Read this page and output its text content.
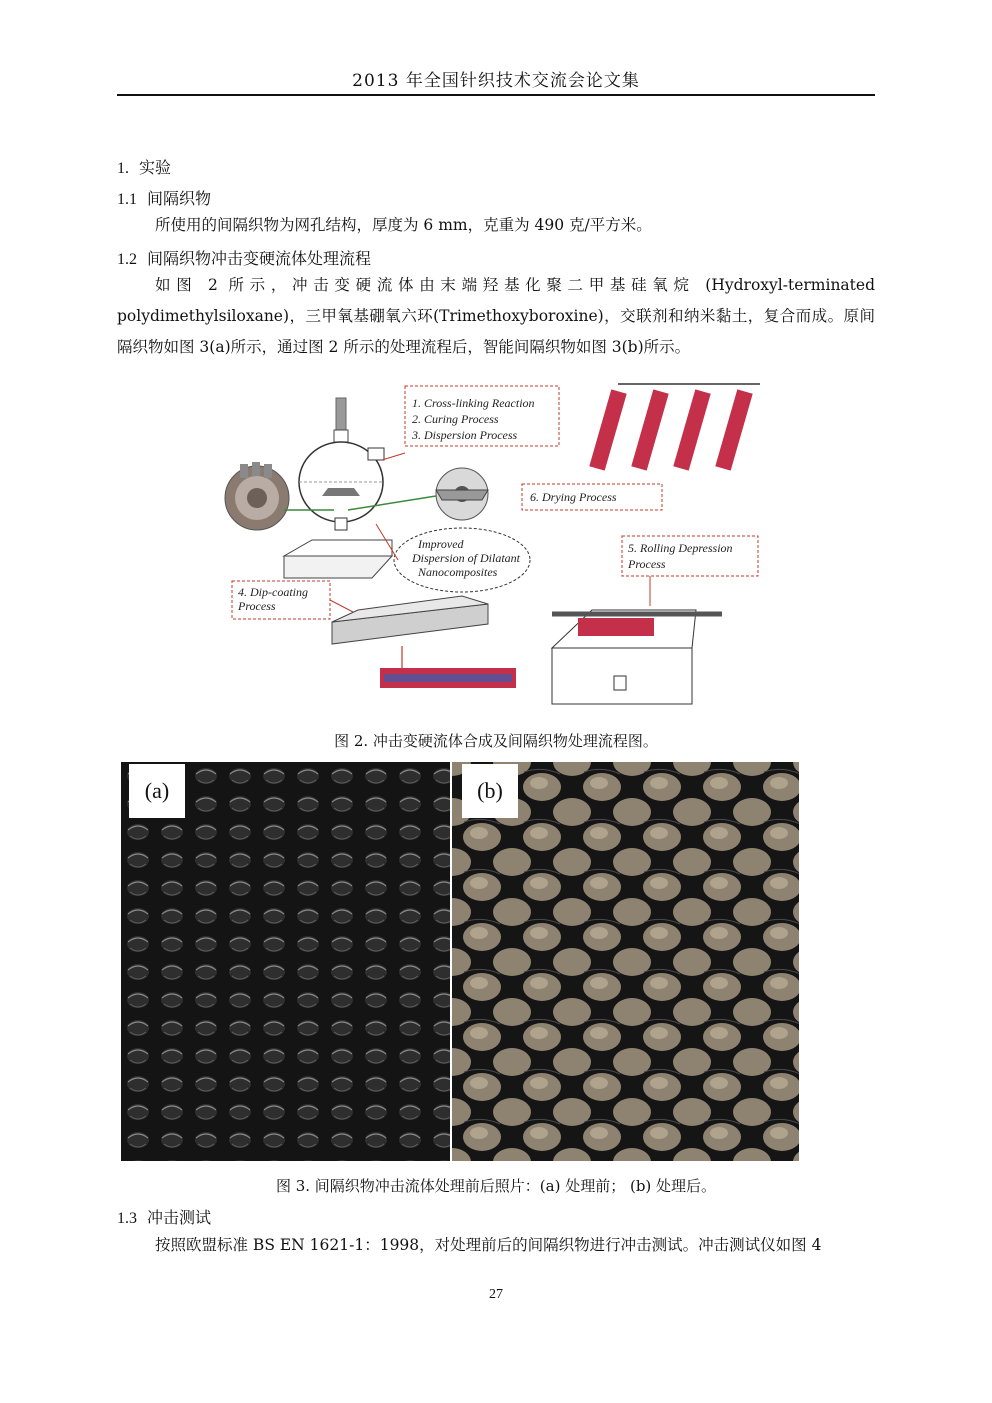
2013 年全国针织技术交流会论文集
1. 实验
1.1 间隔织物
所使用的间隔织物为网孔结构，厚度为 6 mm，克重为 490 克/平方米。
1.2 间隔织物冲击变硬流体处理流程
如图 2 所示，冲击变硬流体由末端羟基化聚二甲基硅氧烷 (Hydroxyl-terminated polydimethylsiloxane)，三甲氧基硼氧六环(Trimethoxyboroxine)，交联剂和纳米黏土，复合而成。原间隔织物如图 3(a)所示，通过图 2 所示的处理流程后，智能间隔织物如图 3(b)所示。
1. Cross-linking Reaction
2. Curing Process
3. Dispersion Process
Improved
Dispersion of Dilatant
Nanocomposites
4. Dip-coating
Process
6. Drying Process
5. Rolling Depression
Process
图 2. 冲击变硬流体合成及间隔织物处理流程图。
(a)	(b)
图 3. 间隔织物冲击流体处理前后照片：(a) 处理前； (b) 处理后。
1.3 冲击测试
按照欧盟标准 BS EN 1621-1：1998，对处理前后的间隔织物进行冲击测试。冲击测试仪如图 4
27
